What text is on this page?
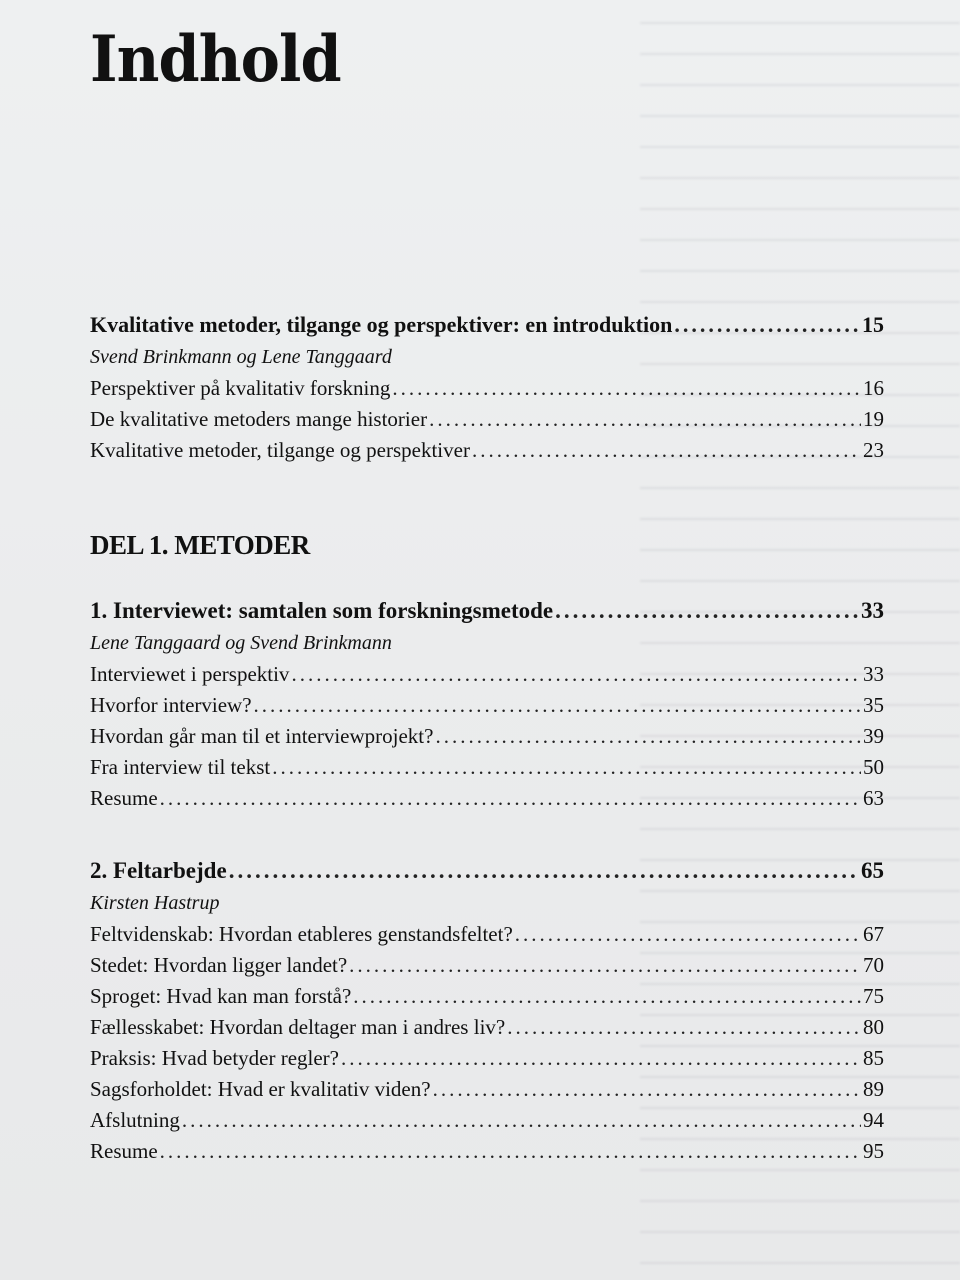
Indhold
Kvalitative metoder, tilgange og perspektiver: en introduktion .....	15
Svend Brinkmann og Lene Tanggaard
Perspektiver på kvalitativ forskning .....	16
De kvalitative metoders mange historier .....	19
Kvalitative metoder, tilgange og perspektiver .....	23
DEL 1. METODER
1. Interviewet: samtalen som forskningsmetode .....	33
Lene Tanggaard og Svend Brinkmann
Interviewet i perspektiv .....	33
Hvorfor interview? .....	35
Hvordan går man til et interviewprojekt? .....	39
Fra interview til tekst .....	50
Resume .....	63
2. Feltarbejde .....	65
Kirsten Hastrup
Feltvidenskab: Hvordan etableres genstandsfeltet? .....	67
Stedet: Hvordan ligger landet? .....	70
Sproget: Hvad kan man forstå? .....	75
Fællesskabet: Hvordan deltager man i andres liv? .....	80
Praksis: Hvad betyder regler? .....	85
Sagsforholdet: Hvad er kvalitativ viden? .....	89
Afslutning .....	94
Resume .....	95
